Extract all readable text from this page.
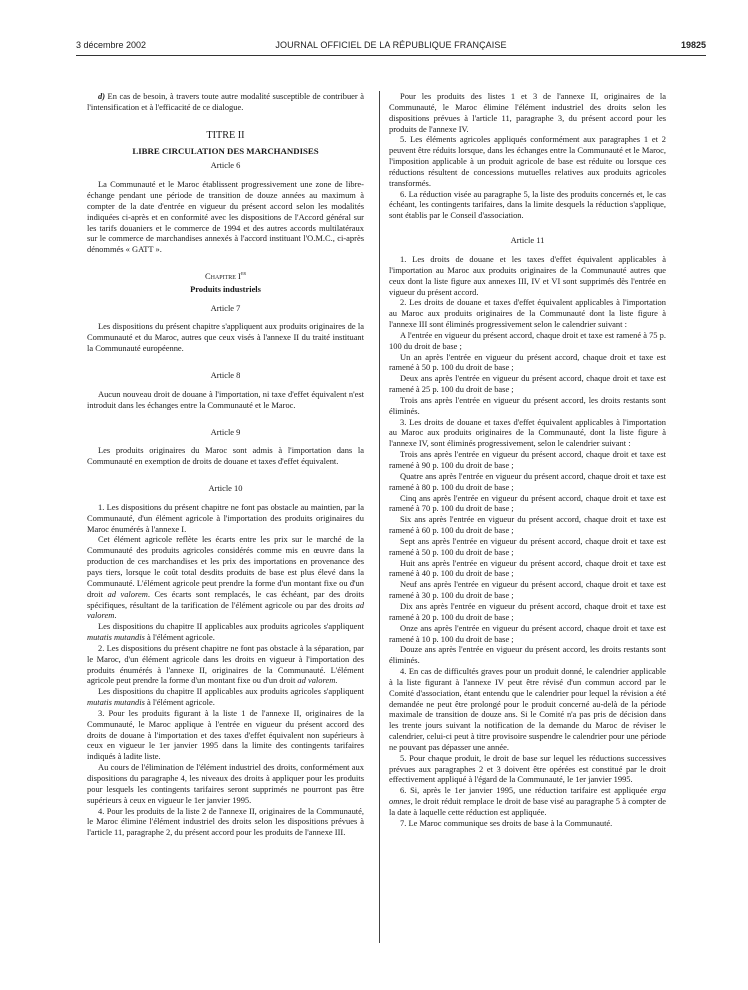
3 décembre 2002	JOURNAL OFFICIEL DE LA RÉPUBLIQUE FRANÇAISE	19825

d) En cas de besoin, à travers toute autre modalité susceptible de contribuer à l'intensification et à l'efficacité de ce dialogue.

TITRE II

LIBRE CIRCULATION DES MARCHANDISES

Article 6

La Communauté et le Maroc établissent progressivement une zone de libre-échange pendant une période de transition de douze années au maximum à compter de la date d'entrée en vigueur du présent accord selon les modalités indiquées ci-après et en conformité avec les dispositions de l'Accord général sur les tarifs douaniers et le commerce de 1994 et des autres accords multilatéraux sur le commerce de marchandises annexés à l'accord instituant l'O.M.C., ci-après dénommés « GATT ».

Chapitre Ier

Produits industriels

Article 7

Les dispositions du présent chapitre s'appliquent aux produits originaires de la Communauté et du Maroc, autres que ceux visés à l'annexe II du traité instituant la Communauté européenne.

Article 8

Aucun nouveau droit de douane à l'importation, ni taxe d'effet équivalent n'est introduit dans les échanges entre la Communauté et le Maroc.

Article 9

Les produits originaires du Maroc sont admis à l'importation dans la Communauté en exemption de droits de douane et taxes d'effet équivalent.

Article 10

1. Les dispositions du présent chapitre ne font pas obstacle au maintien, par la Communauté, d'un élément agricole à l'importation des produits originaires du Maroc énumérés à l'annexe I.

Cet élément agricole reflète les écarts entre les prix sur le marché de la Communauté des produits agricoles considérés comme mis en œuvre dans la production de ces marchandises et les prix des importations en provenance des pays tiers, lorsque le coût total desdits produits de base est plus élevé dans la Communauté. L'élément agricole peut prendre la forme d'un montant fixe ou d'un droit ad valorem. Ces écarts sont remplacés, le cas échéant, par des droits spécifiques, résultant de la tarification de l'élément agricole ou par des droits ad valorem.

Les dispositions du chapitre II applicables aux produits agricoles s'appliquent mutatis mutandis à l'élément agricole.

2. Les dispositions du présent chapitre ne font pas obstacle à la séparation, par le Maroc, d'un élément agricole dans les droits en vigueur à l'importation des produits énumérés à l'annexe II, originaires de la Communauté. L'élément agricole peut prendre la forme d'un montant fixe ou d'un droit ad valorem.

Les dispositions du chapitre II applicables aux produits agricoles s'appliquent mutatis mutandis à l'élément agricole.

3. Pour les produits figurant à la liste 1 de l'annexe II, originaires de la Communauté, le Maroc applique à l'entrée en vigueur du présent accord des droits de douane à l'importation et des taxes d'effet équivalent non supérieurs à ceux en vigueur le 1er janvier 1995 dans la limite des contingents tarifaires indiqués à ladite liste.

Au cours de l'élimination de l'élément industriel des droits, conformément aux dispositions du paragraphe 4, les niveaux des droits à appliquer pour les produits pour lesquels les contingents tarifaires seront supprimés ne pourront pas être supérieurs à ceux en vigueur le 1er janvier 1995.

4. Pour les produits de la liste 2 de l'annexe II, originaires de la Communauté, le Maroc élimine l'élément industriel des droits selon les dispositions prévues à l'article 11, paragraphe 2, du présent accord pour les produits de l'annexe III.

Pour les produits des listes 1 et 3 de l'annexe II, originaires de la Communauté, le Maroc élimine l'élément industriel des droits selon les dispositions prévues à l'article 11, paragraphe 3, du présent accord pour les produits de l'annexe IV.

5. Les éléments agricoles appliqués conformément aux paragraphes 1 et 2 peuvent être réduits lorsque, dans les échanges entre la Communauté et le Maroc, l'imposition applicable à un produit agricole de base est réduite ou lorsque ces réductions résultent de concessions mutuelles relatives aux produits agricoles transformés.

6. La réduction visée au paragraphe 5, la liste des produits concernés et, le cas échéant, les contingents tarifaires, dans la limite desquels la réduction s'applique, sont établis par le Conseil d'association.

Article 11

1. Les droits de douane et les taxes d'effet équivalent applicables à l'importation au Maroc aux produits originaires de la Communauté autres que ceux dont la liste figure aux annexes III, IV et VI sont supprimés dès l'entrée en vigueur du présent accord.

2. Les droits de douane et taxes d'effet équivalent applicables à l'importation au Maroc aux produits originaires de la Communauté dont la liste figure à l'annexe III sont éliminés progressivement selon le calendrier suivant :

A l'entrée en vigueur du présent accord, chaque droit et taxe est ramené à 75 p. 100 du droit de base ;

Un an après l'entrée en vigueur du présent accord, chaque droit et taxe est ramené à 50 p. 100 du droit de base ;

Deux ans après l'entrée en vigueur du présent accord, chaque droit et taxe est ramené à 25 p. 100 du droit de base ;

Trois ans après l'entrée en vigueur du présent accord, les droits restants sont éliminés.

3. Les droits de douane et taxes d'effet équivalent applicables à l'importation au Maroc aux produits originaires de la Communauté, dont la liste figure à l'annexe IV, sont éliminés progressivement, selon le calendrier suivant :

Trois ans après l'entrée en vigueur du présent accord, chaque droit et taxe est ramené à 90 p. 100 du droit de base ;

Quatre ans après l'entrée en vigueur du présent accord, chaque droit et taxe est ramené à 80 p. 100 du droit de base ;

Cinq ans après l'entrée en vigueur du présent accord, chaque droit et taxe est ramené à 70 p. 100 du droit de base ;

Six ans après l'entrée en vigueur du présent accord, chaque droit et taxe est ramené à 60 p. 100 du droit de base ;

Sept ans après l'entrée en vigueur du présent accord, chaque droit et taxe est ramené à 50 p. 100 du droit de base ;

Huit ans après l'entrée en vigueur du présent accord, chaque droit et taxe est ramené à 40 p. 100 du droit de base ;

Neuf ans après l'entrée en vigueur du présent accord, chaque droit et taxe est ramené à 30 p. 100 du droit de base ;

Dix ans après l'entrée en vigueur du présent accord, chaque droit et taxe est ramené à 20 p. 100 du droit de base ;

Onze ans après l'entrée en vigueur du présent accord, chaque droit et taxe est ramené à 10 p. 100 du droit de base ;

Douze ans après l'entrée en vigueur du présent accord, les droits restants sont éliminés.

4. En cas de difficultés graves pour un produit donné, le calendrier applicable à la liste figurant à l'annexe IV peut être révisé d'un commun accord par le Comité d'association, étant entendu que le calendrier pour lequel la révision a été demandée ne peut être prolongé pour le produit concerné au-delà de la période maximale de transition de douze ans. Si le Comité n'a pas pris de décision dans les trente jours suivant la notification de la demande du Maroc de réviser le calendrier, celui-ci peut à titre provisoire suspendre le calendrier pour une période ne pouvant pas dépasser une année.

5. Pour chaque produit, le droit de base sur lequel les réductions successives prévues aux paragraphes 2 et 3 doivent être opérées est constitué par le droit effectivement appliqué à l'égard de la Communauté, le 1er janvier 1995.

6. Si, après le 1er janvier 1995, une réduction tarifaire est appliquée erga omnes, le droit réduit remplace le droit de base visé au paragraphe 5 à compter de la date à laquelle cette réduction est appliquée.

7. Le Maroc communique ses droits de base à la Communauté.
